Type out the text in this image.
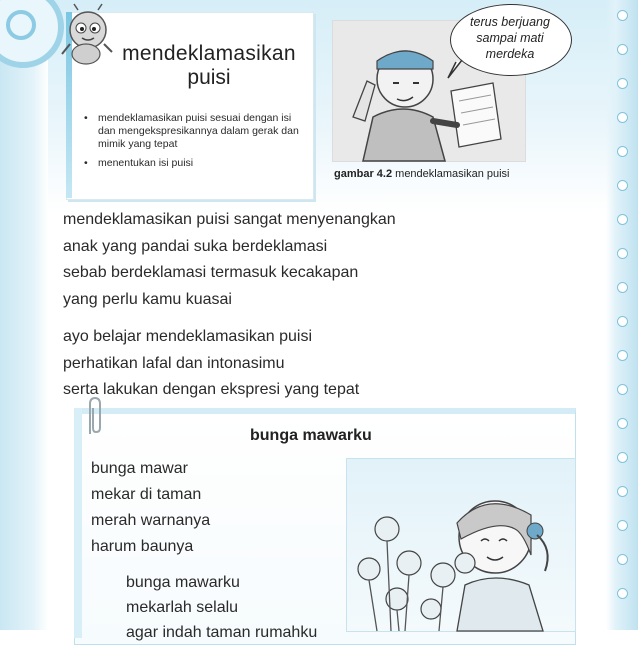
mendeklamasikan
puisi
• mendeklamasikan puisi sesuai dengan isi dan mengekspresikannya dalam gerak dan mimik yang tepat
• menentukan isi puisi
terus berjuang
sampai mati
merdeka
gambar 4.2 mendeklamasikan puisi
mendeklamasikan puisi sangat menyenangkan
anak yang pandai suka berdeklamasi
sebab berdeklamasi termasuk kecakapan
yang perlu kamu kuasai
ayo belajar mendeklamasikan puisi
perhatikan lafal dan intonasimu
serta lakukan dengan ekspresi yang tepat
bunga mawarku
bunga mawar
mekar di taman
merah warnanya
harum baunya
bunga mawarku
mekarlah selalu
agar indah taman rumahku
